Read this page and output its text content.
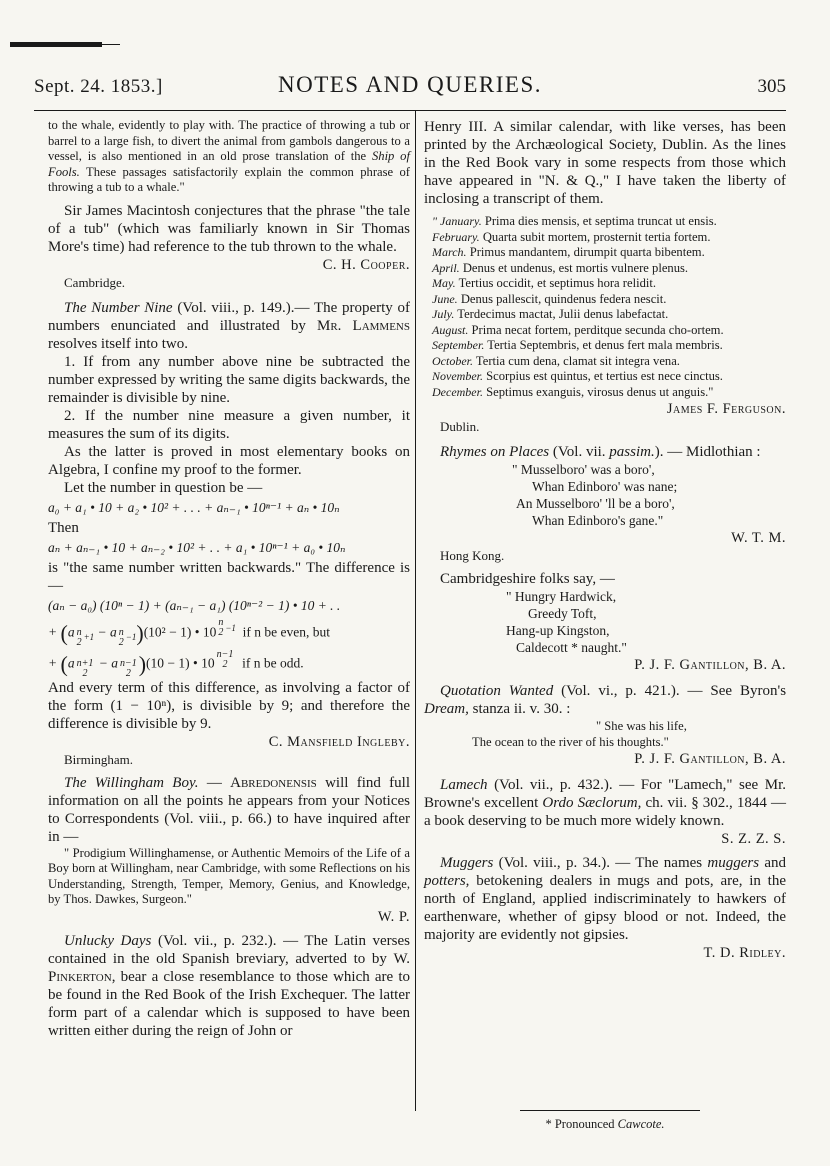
Sept. 24. 1853.]	NOTES AND QUERIES.	305

to the whale, evidently to play with. The practice of throwing a tub or barrel to a large fish, to divert the animal from gambols dangerous to a vessel, is also mentioned in an old prose translation of the Ship of Fools. These passages satisfactorily explain the common phrase of throwing a tub to a whale."

Sir James Macintosh conjectures that the phrase "the tale of a tub" (which was familiarly known in Sir Thomas More's time) had reference to the tub thrown to the whale.

C. H. Cooper.

Cambridge.

The Number Nine (Vol. viii., p. 149.).— The property of numbers enunciated and illustrated by Mr. Lammens resolves itself into two.

1. If from any number above nine be subtracted the number expressed by writing the same digits backwards, the remainder is divisible by nine.

2. If the number nine measure a given number, it measures the sum of its digits.

As the latter is proved in most elementary books on Algebra, I confine my proof to the former.

Let the number in question be —

a₀ + a₁ • 10 + a₂ • 10² + . . . + aₙ₋₁ • 10ⁿ⁻¹ + aₙ • 10ₙ

Then

aₙ + aₙ₋₁ • 10 + aₙ₋₂ • 10² + . . + a₁ • 10ⁿ⁻¹ + a₀ • 10ₙ

is "the same number written backwards." The difference is —

(aₙ − a₀) (10ⁿ − 1) + (aₙ₋₁ − a₁) (10ⁿ⁻² − 1) • 10 + . .

+ (a $_{n 2 +1}$ − a $_{n 2 -1}$)(10² − 1) • 10
$^{n 2 -1}$ if n be even, but

+ (a $_{n+1 2}$
− a $_{n-1 2}$ )(10 − 1) • 10
$^{n-1 2}$	if n be odd.

And every term of this difference, as involving a factor of the form (1 − 10ⁿ), is divisible by 9; and therefore the difference is divisible by 9.

C. Mansfield Ingleby.

Birmingham.

The Willingham Boy. — Abredonensis will find full information on all the points he appears from your Notices to Correspondents (Vol. viii., p. 66.) to have inquired after in —

" Prodigium Willinghamense, or Authentic Memoirs of the Life of a Boy born at Willingham, near Cambridge, with some Reflections on his Understanding, Strength, Temper, Memory, Genius, and Knowledge, by Thos. Dawkes, Surgeon."

W. P.

Unlucky Days (Vol. vii., p. 232.). — The Latin verses contained in the old Spanish breviary, adverted to by W. Pinkerton, bear a close resemblance to those which are to be found in the Red Book of the Irish Exchequer. The latter form part of a calendar which is supposed to have been written either during the reign of John or

Henry III. A similar calendar, with like verses, has been printed by the Archæological Society, Dublin. As the lines in the Red Book vary in some respects from those which have appeared in "N. & Q.," I have taken the liberty of inclosing a transcript of them.

" January. Prima dies mensis, et septima truncat ut ensis.

February. Quarta subit mortem, prosternit tertia fortem.

March. Primus mandantem, dirumpit quarta bibentem.

April. Denus et undenus, est mortis vulnere plenus.

May. Tertius occidit, et septimus hora relidit.

June. Denus pallescit, quindenus federa nescit.

July. Terdecimus mactat, Julii denus labefactat.

August. Prima necat fortem, perditque secunda cho-ortem.

September. Tertia Septembris, et denus fert mala membris.

October. Tertia cum dena, clamat sit integra vena.

November. Scorpius est quintus, et tertius est nece cinctus.

December. Septimus exanguis, virosus denus ut anguis."

James F. Ferguson.

Dublin.

Rhymes on Places (Vol. vii. passim.). — Midlothian :

" Musselboro' was a boro',

Whan Edinboro' was nane;

An Musselboro' 'll be a boro',

Whan Edinboro's gane."

W. T. M.

Hong Kong.

Cambridgeshire folks say, —

" Hungry Hardwick,

Greedy Toft,

Hang-up Kingston,

Caldecott * naught."

P. J. F. Gantillon, B. A.

Quotation Wanted (Vol. vi., p. 421.). — See Byron's Dream, stanza ii. v. 30. :

" She was his life,

The ocean to the river of his thoughts."

P. J. F. Gantillon, B. A.

Lamech (Vol. vii., p. 432.). — For "Lamech," see Mr. Browne's excellent Ordo Sæclorum, ch. vii. § 302., 1844 — a book deserving to be much more widely known.

S. Z. Z. S.

Muggers (Vol. viii., p. 34.). — The names muggers and potters, betokening dealers in mugs and pots, are, in the north of England, applied indiscriminately to hawkers of earthenware, whether of gipsy blood or not. Indeed, the majority are evidently not gipsies.

T. D. Ridley.

* Pronounced Cawcote.
